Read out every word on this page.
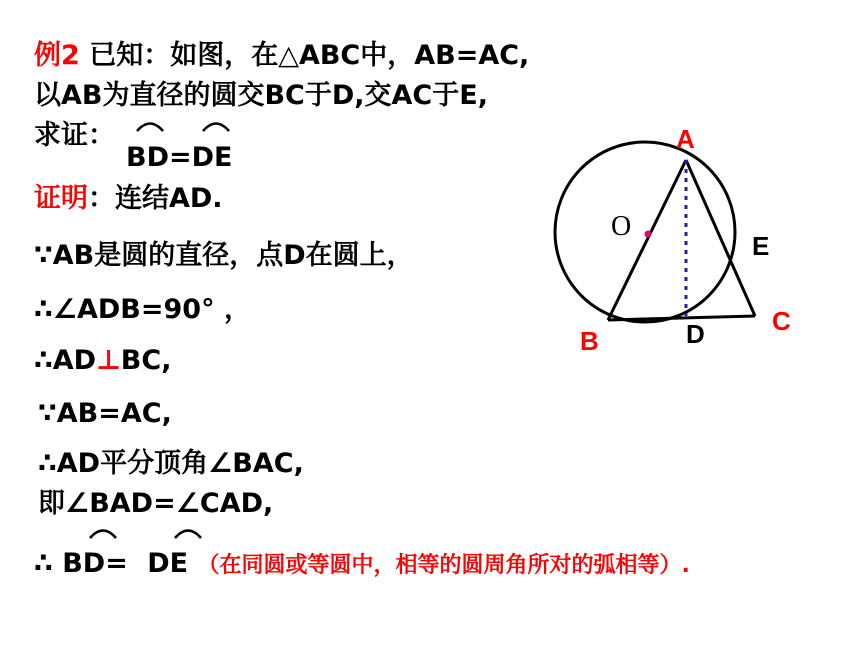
例2 已知：如图，在△ABC中，AB=AC,
以AB为直径的圆交BC于D,交AC于E,
求证：
BD=DE
证明：连结AD.
∵AB是圆的直径，点D在圆上，
∴∠ADB=90° ，
∴AD⊥BC,
∵AB=AC,
∴AD平分顶角∠BAC,
即∠BAD=∠CAD,
∴ BD= DE （在同圆或等圆中，相等的圆周角所对的弧相等）.
A
B
C
D
E
O
